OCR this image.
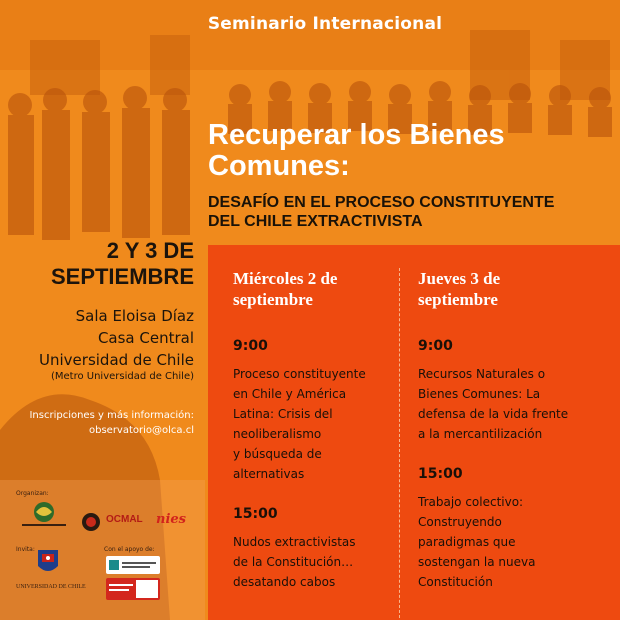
Seminario Internacional
Recuperar los Bienes
Comunes:
DESAFÍO EN EL PROCESO CONSTITUYENTE
DEL CHILE EXTRACTIVISTA
2 Y 3 DE
SEPTIEMBRE
Sala Eloisa Díaz
Casa Central
Universidad de Chile
(Metro Universidad de Chile)
Inscripciones y más información:
observatorio@olca.cl
Miércoles 2 de
septiembre
9:00
Proceso constituyente
en Chile y América
Latina: Crisis del
neoliberalismo
y búsqueda de
alternativas
15:00
Nudos extractivistas
de la Constitución…
desatando cabos
Jueves 3 de
septiembre
9:00
Recursos Naturales o
Bienes Comunes: La
defensa de la vida frente
a la mercantilización
15:00
Trabajo colectivo:
Construyendo
paradigmas que
sostengan la nueva
Constitución
Organizan:
OCMAL nies
Invita:
UNIVERSIDAD DE CHILE
Con el apoyo de:
